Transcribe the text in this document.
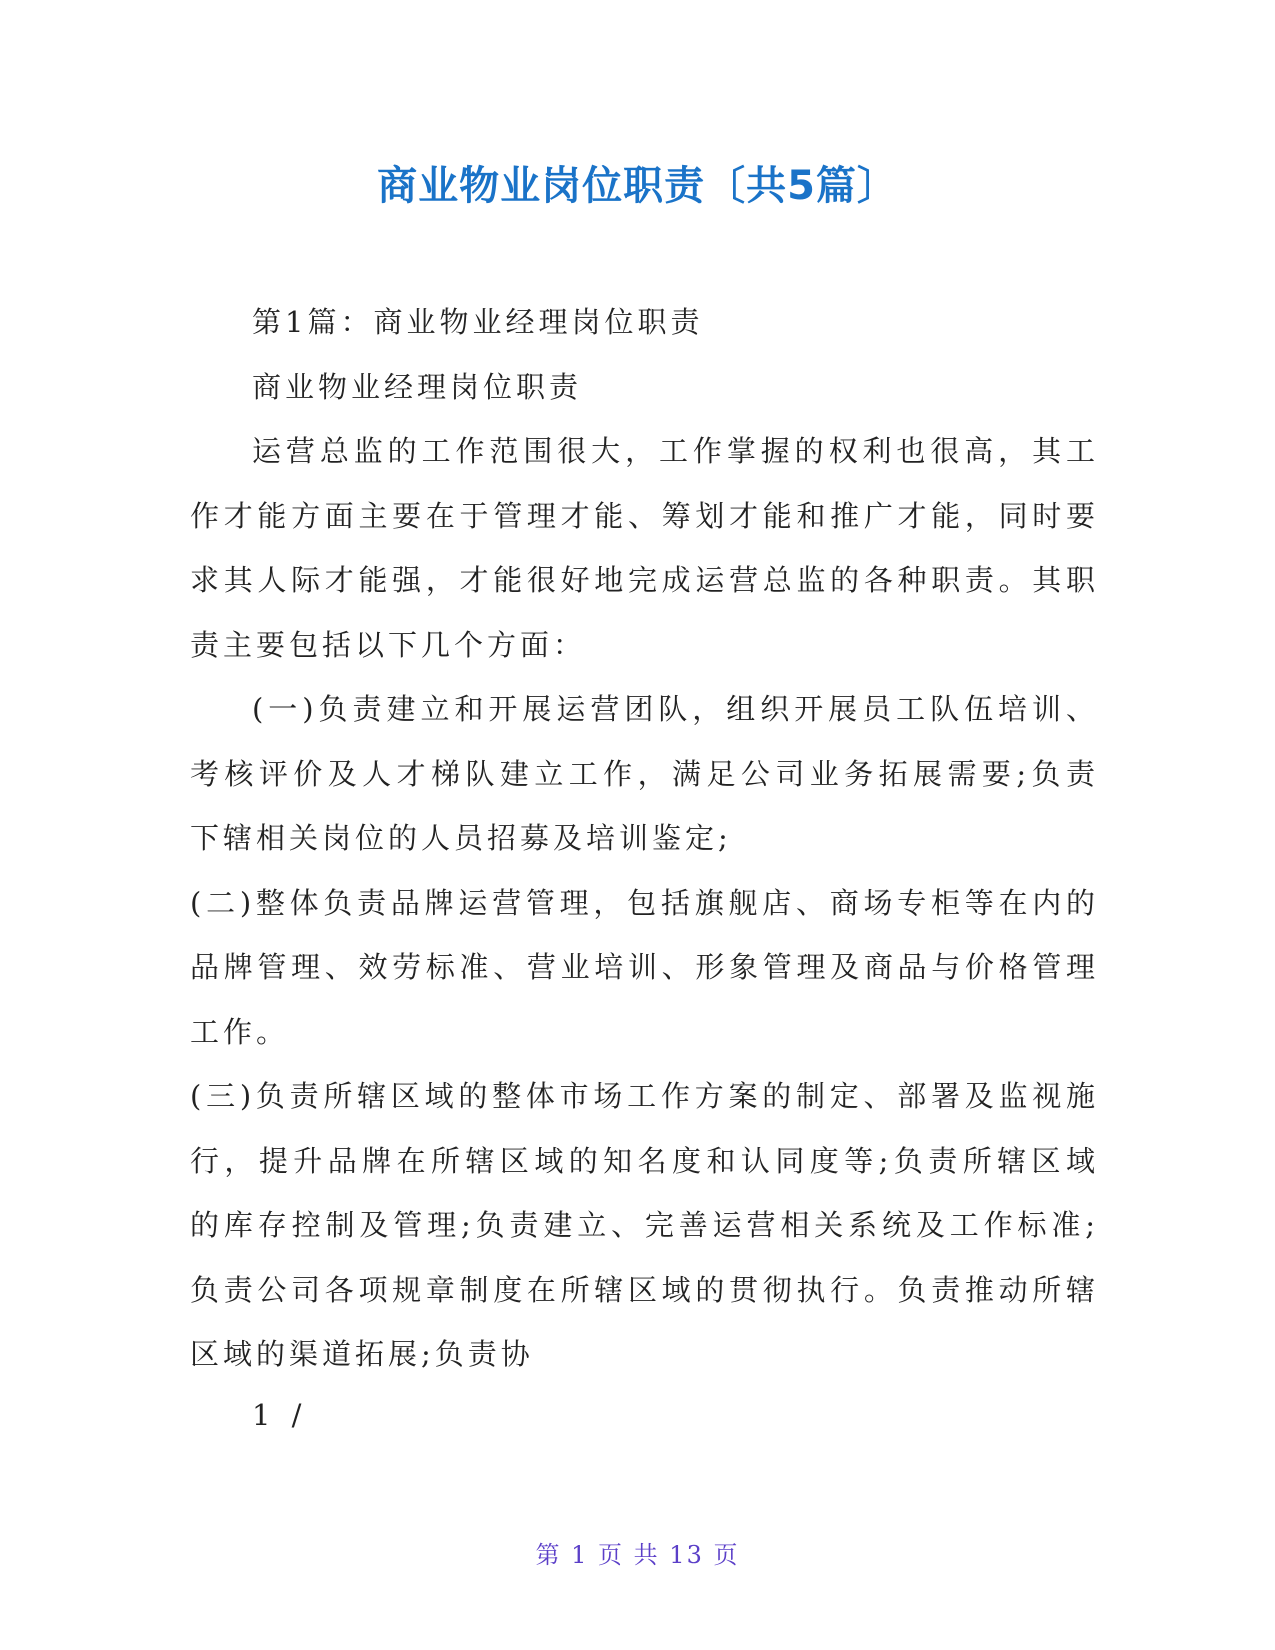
商业物业岗位职责〔共5篇〕
第1篇：商业物业经理岗位职责
商业物业经理岗位职责
运营总监的工作范围很大，工作掌握的权利也很高，其工
作才能方面主要在于管理才能、筹划才能和推广才能，同时要
求其人际才能强，才能很好地完成运营总监的各种职责。其职
责主要包括以下几个方面：
(一)负责建立和开展运营团队，组织开展员工队伍培训、
考核评价及人才梯队建立工作，满足公司业务拓展需要;负责
下辖相关岗位的人员招募及培训鉴定;
(二)整体负责品牌运营管理，包括旗舰店、商场专柜等在内的
品牌管理、效劳标准、营业培训、形象管理及商品与价格管理
工作。
(三)负责所辖区域的整体市场工作方案的制定、部署及监视施
行，提升品牌在所辖区域的知名度和认同度等;负责所辖区域
的库存控制及管理;负责建立、完善运营相关系统及工作标准;
负责公司各项规章制度在所辖区域的贯彻执行。负责推动所辖
区域的渠道拓展;负责协
1 /
第 1 页 共 13 页
